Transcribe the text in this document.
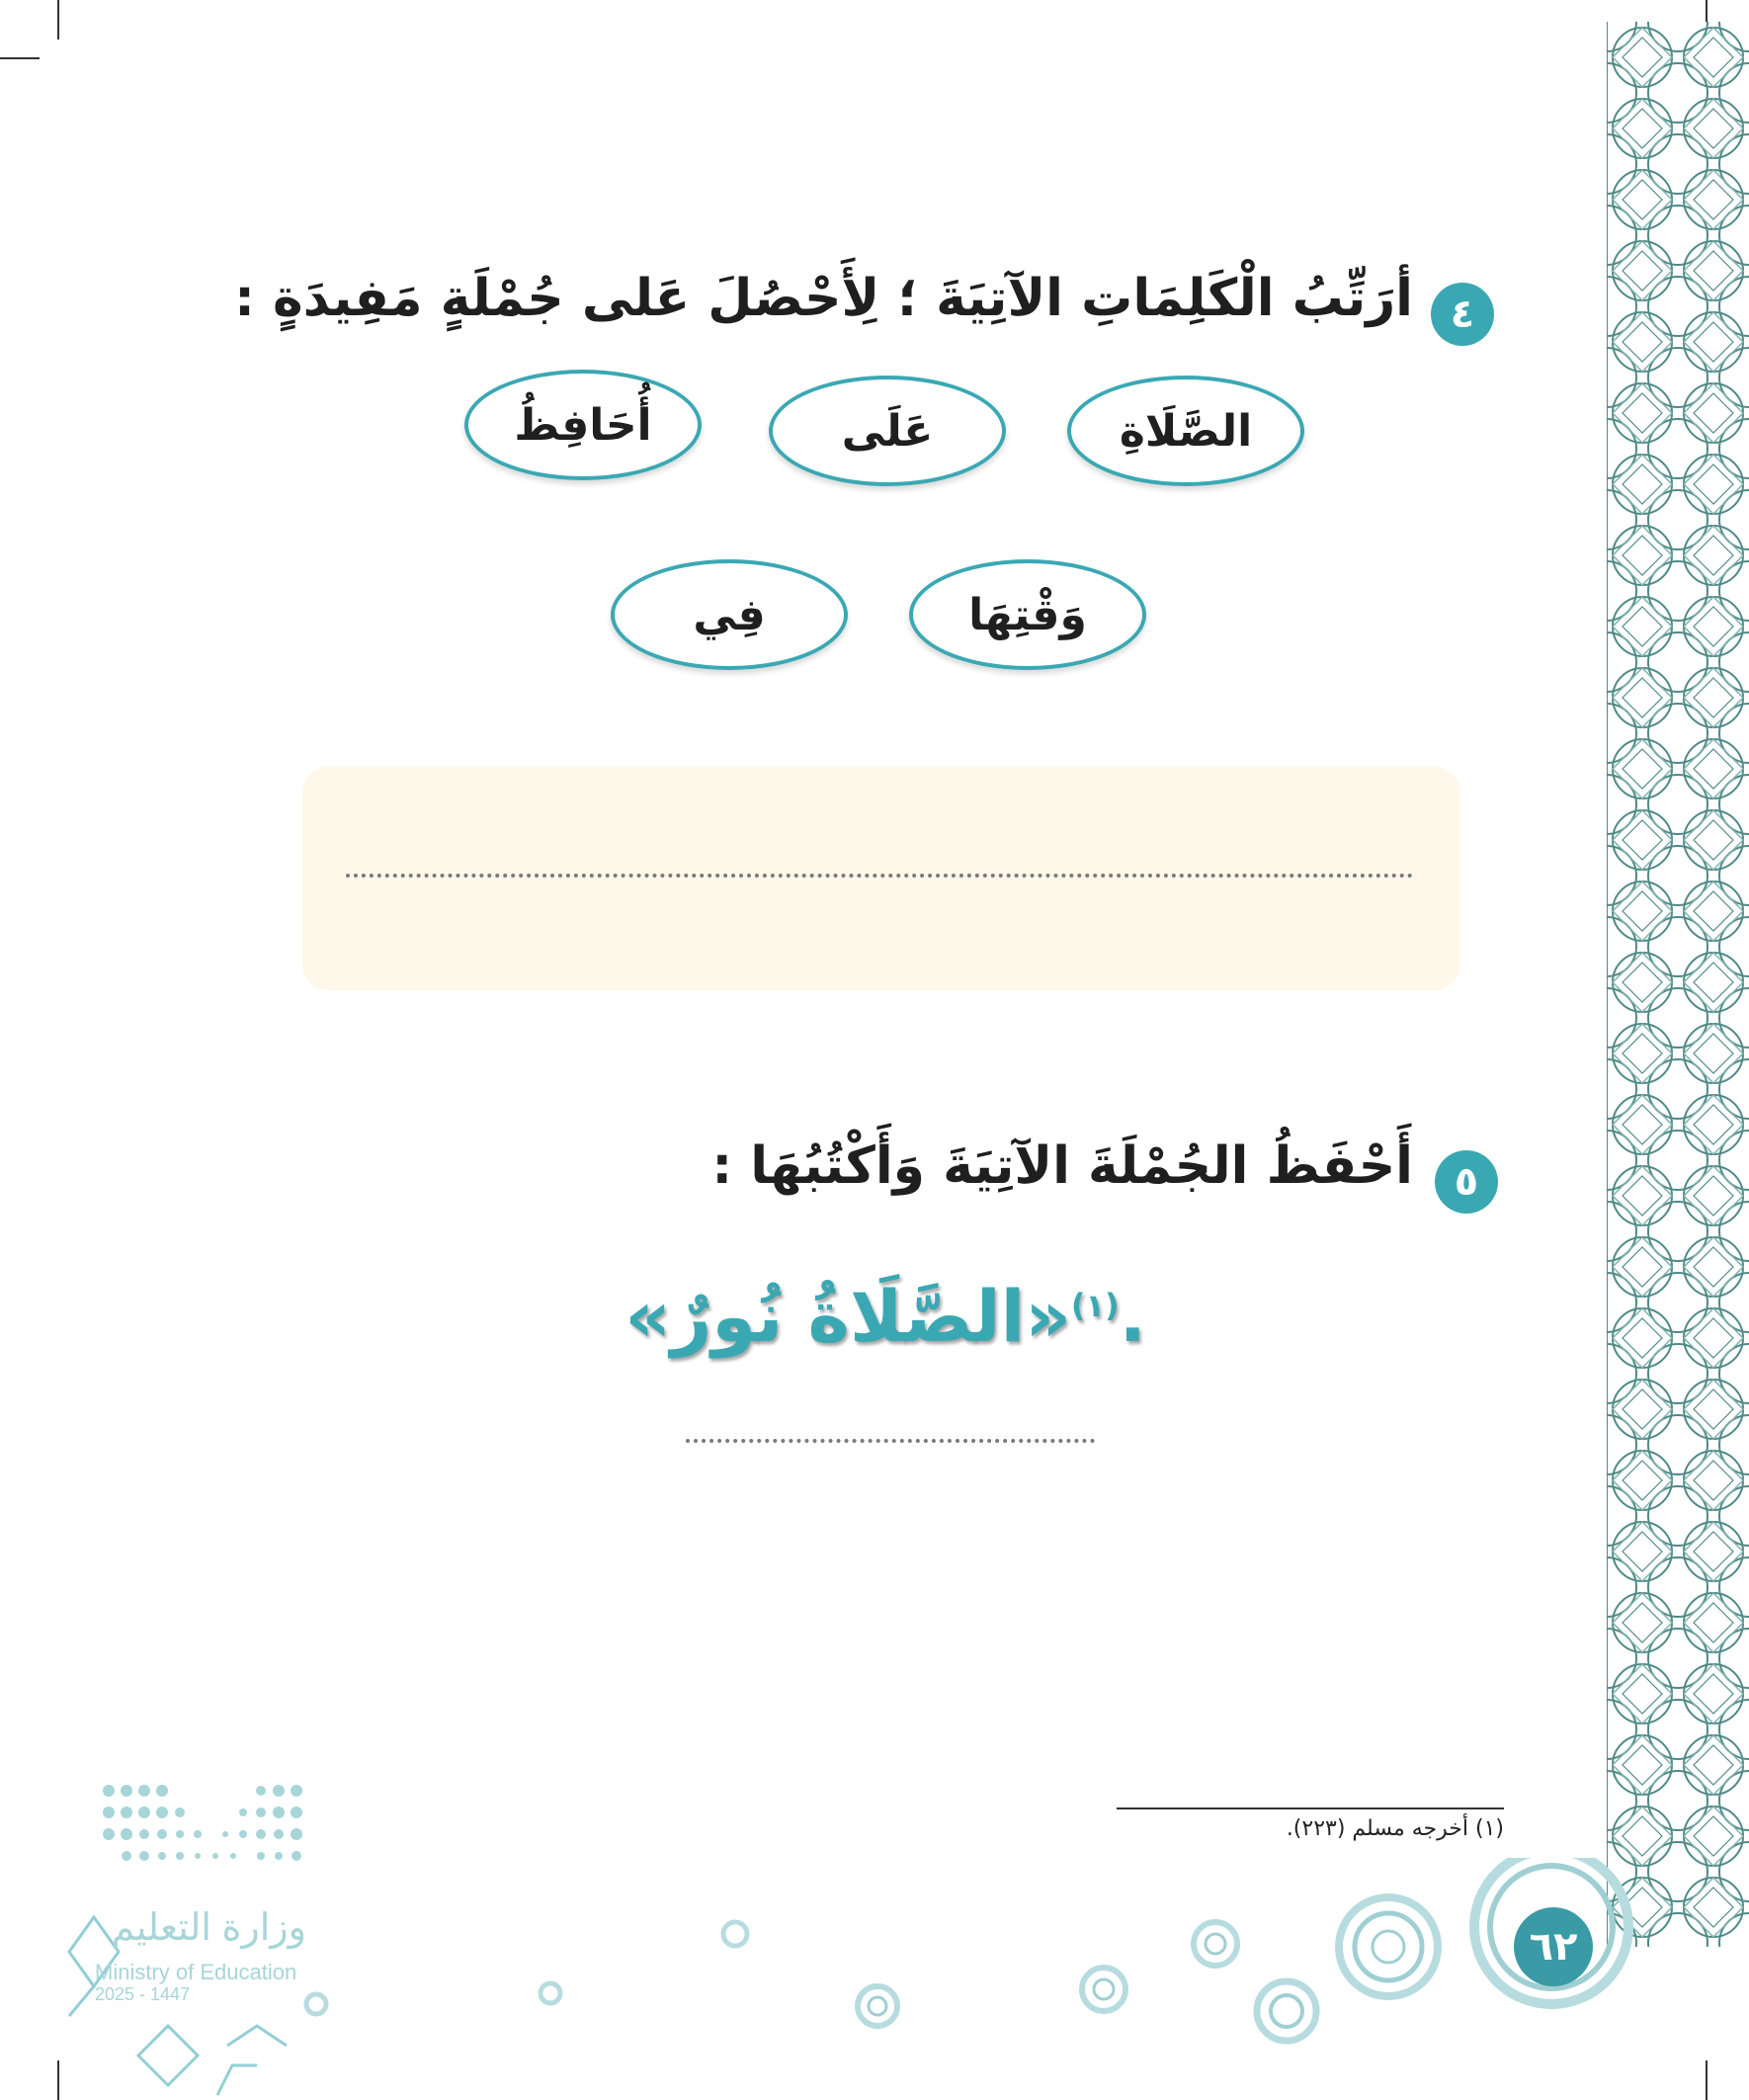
٤
أرَتِّبُ الْكَلِمَاتِ الآتِيَةَ ؛ لِأَحْصُلَ عَلى جُمْلَةٍ مَفِيدَةٍ :
الصَّلَاةِ
عَلَى
أُحَافِظُ
وَقْتِهَا
فِي
٥
أَحْفَظُ الجُمْلَةَ الآتِيَةَ وَأَكْتُبُهَا :
.$^{(١)}$«الصَّلَاةُ نُورٌ»
(١) أخرجه مسلم (٢٢٣).
٦٢
وزارة التعليم
Ministry of Education
2025 - 1447
